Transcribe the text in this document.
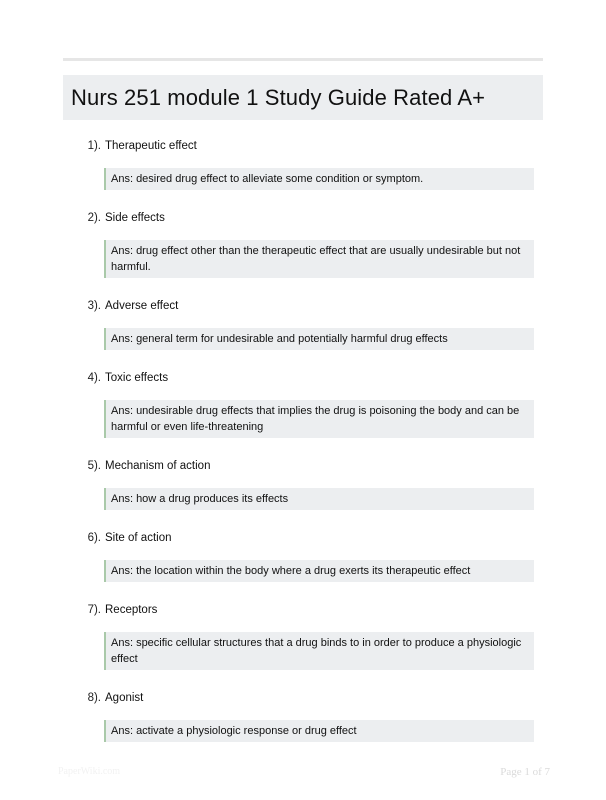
Nurs 251 module 1 Study Guide Rated A+
1). Therapeutic effect
Ans: desired drug effect to alleviate some condition or symptom.
2). Side effects
Ans: drug effect other than the therapeutic effect that are usually undesirable but not harmful.
3). Adverse effect
Ans: general term for undesirable and potentially harmful drug effects
4). Toxic effects
Ans: undesirable drug effects that implies the drug is poisoning the body and can be harmful or even life-threatening
5). Mechanism of action
Ans: how a drug produces its effects
6). Site of action
Ans: the location within the body where a drug exerts its therapeutic effect
7). Receptors
Ans: specific cellular structures that a drug binds to in order to produce a physiologic effect
8). Agonist
Ans: activate a physiologic response or drug effect
PaperWiki.com	Page 1 of 7
